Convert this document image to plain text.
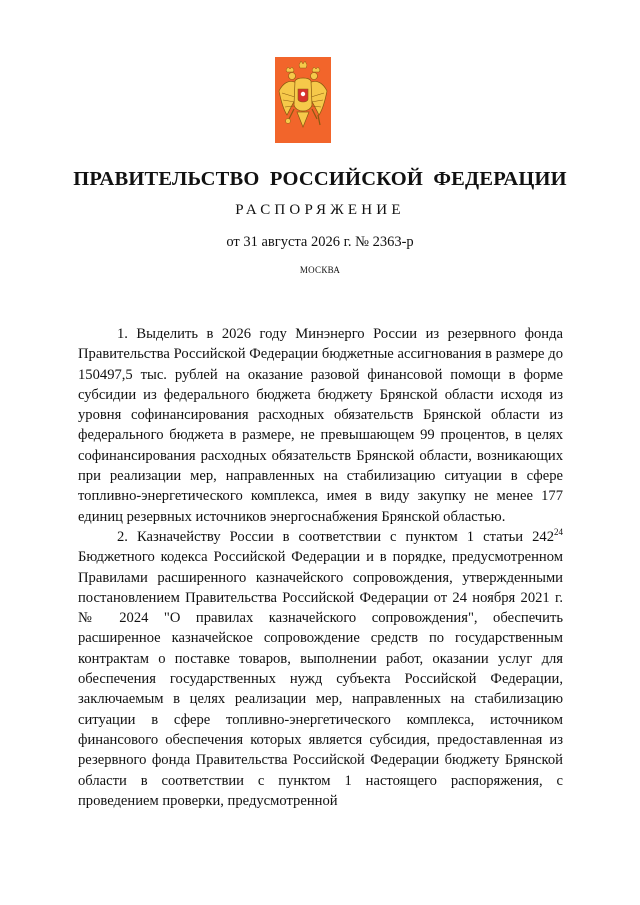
ПРАВИТЕЛЬСТВО РОССИЙСКОЙ ФЕДЕРАЦИИ
РАСПОРЯЖЕНИЕ
от 31 августа 2026 г. № 2363-р
МОСКВА

1. Выделить в 2026 году Минэнерго России из резервного фонда Правительства Российской Федерации бюджетные ассигнования в размере до 150497,5 тыс. рублей на оказание разовой финансовой помощи в форме субсидии из федерального бюджета бюджету Брянской области исходя из уровня софинансирования расходных обязательств Брянской области из федерального бюджета в размере, не превышающем 99 процентов, в целях софинансирования расходных обязательств Брянской области, возникающих при реализации мер, направленных на стабилизацию ситуации в сфере топливно-энергетического комплекса, имея в виду закупку не менее 177 единиц резервных источников энергоснабжения Брянской областью.

2. Казначейству России в соответствии с пунктом 1 статьи $242^{24}$ Бюджетного кодекса Российской Федерации и в порядке, предусмотренном Правилами расширенного казначейского сопровождения, утвержденными постановлением Правительства Российской Федерации от 24 ноября 2021 г. № 2024 "О правилах казначейского сопровождения", обеспечить расширенное казначейское сопровождение средств по государственным контрактам о поставке товаров, выполнении работ, оказании услуг для обеспечения государственных нужд субъекта Российской Федерации, заключаемым в целях реализации мер, направленных на стабилизацию ситуации в сфере топливно-энергетического комплекса, источником финансового обеспечения которых является субсидия, предоставленная из резервного фонда Правительства Российской Федерации бюджету Брянской области в соответствии с пунктом 1 настоящего распоряжения, с проведением проверки, предусмотренной
